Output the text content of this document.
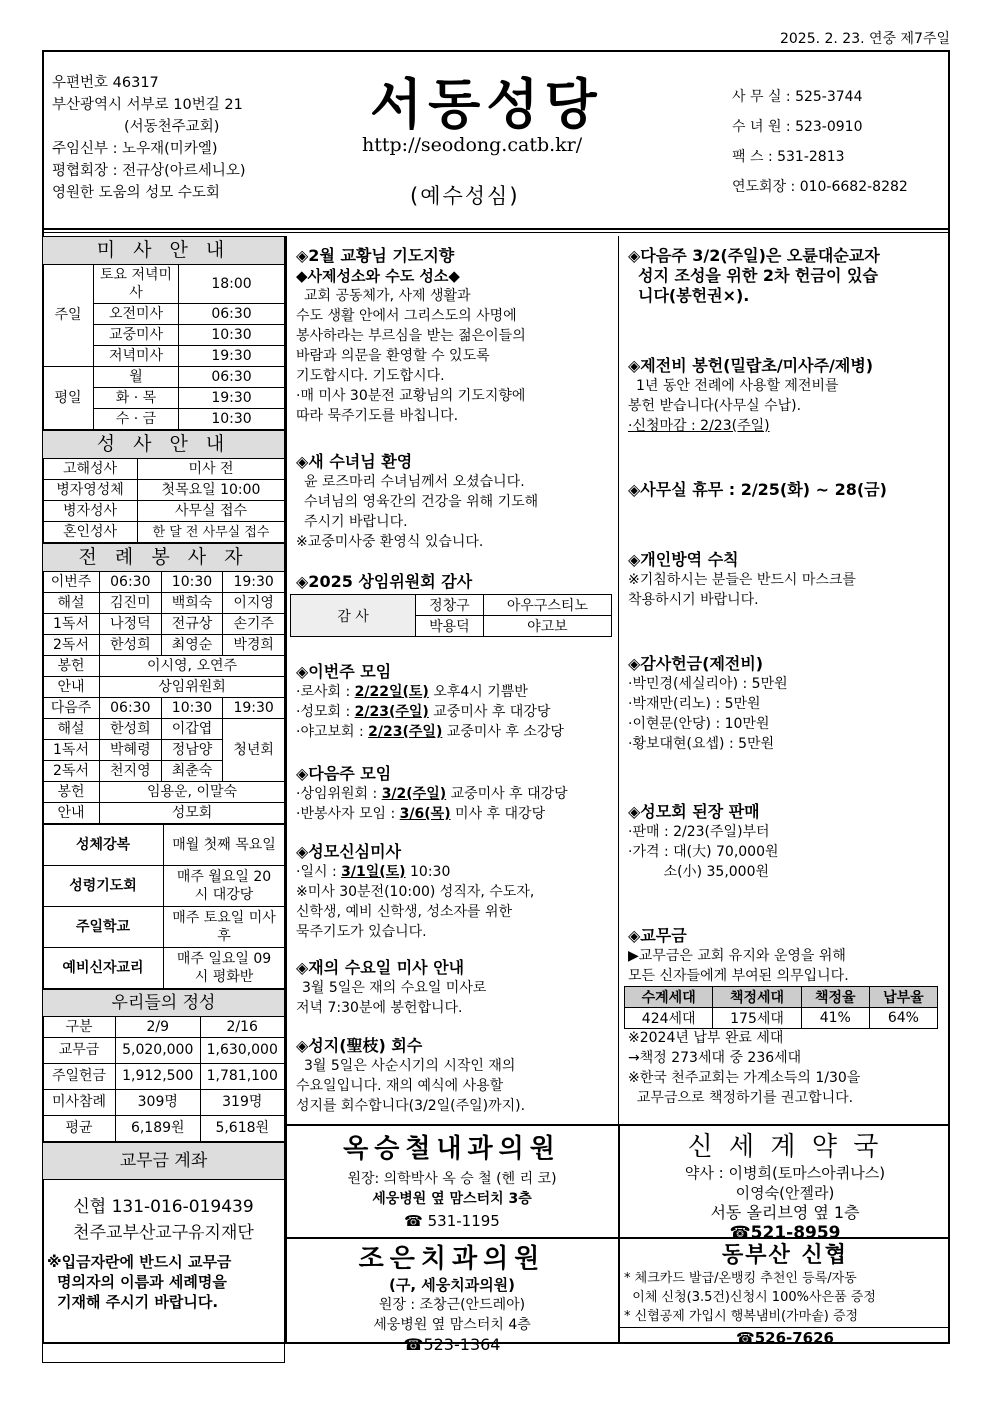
2025. 2. 23. 연중 제7주일
우편번호 46317
부산광역시 서부로 10번길 21
(서동천주교회)
주임신부 : 노우재(미카엘)
평협회장 : 전규상(아르세니오)
영원한 도움의 성모 수도회
서동성당
http://seodong.catb.kr/
(예수성심)
사 무 실 : 525-3744
수 녀 원 : 523-0910
팩 스 : 531-2813
연도회장 : 010-6682-8282
미 사 안 내		
주일	토요 저녁미사	18:00
	오전미사	06:30
	교중미사	10:30
	저녁미사	19:30
평일	월	06:30
	화 · 목	19:30
	수 · 금	10:30
성 사 안 내	
고해성사	미사 전
병자영성체	첫목요일 10:00
병자성사	사무실 접수
혼인성사	한 달 전 사무실 접수
전 례 봉 사 자			
이번주	06:30	10:30	19:30
해설	김진미	백희숙	이지영
1독서	나정덕	전규상	손기주
2독서	한성희	최영순	박경희
봉헌	이시영, 오연주		
안내	상임위원회		
다음주	06:30	10:30	19:30
해설	한성희	이갑엽	청년회
1독서	박혜령	정남양	
2독서	천지영	최춘숙	
봉헌	임용운, 이말숙		
안내	성모회		
성체강복	매월 첫째 목요일
성령기도회	매주 월요일 20시 대강당
주일학교	매주 토요일 미사 후
예비신자교리	매주 일요일 09시 평화반
우리들의 정성		
구분	2/9	2/16
교무금	5,020,000	1,630,000
주일헌금	1,912,500	1,781,100
미사참례	309명	319명
평균	6,189원	5,618원
교무금 계좌

신협 131-016-019439
천주교부산교구유지재단
※입금자란에 반드시 교무금
명의자의 이름과 세례명을
기재해 주시기 바랍니다.

◈2월 교황님 기도지향

◆사제성소와 수도 성소◆

교회 공동체가, 사제 생활과

수도 생활 안에서 그리스도의 사명에

봉사하라는 부르심을 받는 젊은이들의

바람과 의문을 환영할 수 있도록

기도합시다. 기도합시다.

·매 미사 30분전 교황님의 기도지향에

따라 묵주기도를 바칩니다.

◈새 수녀님 환영

윤 로즈마리 수녀님께서 오셨습니다.

수녀님의 영육간의 건강을 위해 기도해

주시기 바랍니다.

※교중미사중 환영식 있습니다.

◈2025 상임위원회 감사

감 사	정창구	아우구스티노
	박용덕	야고보

◈이번주 모임

·로사회 : 2/22일(토) 오후4시 기쁨반

·성모회 : 2/23(주일) 교중미사 후 대강당

·야고보회 : 2/23(주일) 교중미사 후 소강당

◈다음주 모임

·상임위원회 : 3/2(주일) 교중미사 후 대강당

·반봉사자 모임 : 3/6(목) 미사 후 대강당

◈성모신심미사

·일시 : 3/1일(토) 10:30

※미사 30분전(10:00) 성직자, 수도자,

신학생, 예비 신학생, 성소자를 위한

묵주기도가 있습니다.

◈재의 수요일 미사 안내

3월 5일은 재의 수요일 미사로

저녁 7:30분에 봉헌합니다.

◈성지(聖枝) 회수

3월 5일은 사순시기의 시작인 재의

수요일입니다. 재의 예식에 사용할

성지를 회수합니다(3/2일(주일)까지).

◈다음주 3/2(주일)은 오륜대순교자

성지 조성을 위한 2차 헌금이 있습

니다(봉헌권×).

◈제전비 봉헌(밀랍초/미사주/제병)

1년 동안 전례에 사용할 제전비를

봉헌 받습니다(사무실 수납).

·신청마감 : 2/23(주일)

◈사무실 휴무 : 2/25(화) ~ 28(금)

◈개인방역 수칙

※기침하시는 분들은 반드시 마스크를

착용하시기 바랍니다.

◈감사헌금(제전비)

·박민경(세실리아) : 5만원

·박재만(리노) : 5만원

·이현문(안당) : 10만원

·황보대현(요셉) : 5만원

◈성모회 된장 판매

·판매 : 2/23(주일)부터

·가격 : 대(大) 70,000원

소(小) 35,000원

◈교무금

▶교무금은 교회 유지와 운영을 위해

모든 신자들에게 부여된 의무입니다.

수계세대	책정세대	책정율	납부율
424세대	175세대	41%	64%

※2024년 납부 완료 세대

→책정 273세대 중 236세대

※한국 천주교회는 가계소득의 1/30을

교무금으로 책정하기를 권고합니다.

옥승철내과의원
원장: 의학박사 옥 승 철 (헨 리 코)
세웅병원 옆 맘스터치 3층
☎ 531-1195
신 세 계 약 국
약사 : 이병희(토마스아퀴나스)
이영숙(안젤라)
서동 올리브영 옆 1층
☎521-8959
조은치과의원
(구, 세웅치과의원)
원장 : 조창근(안드레아)
세웅병원 옆 맘스터치 4층
☎523-1364
동부산 신협
* 체크카드 발급/온뱅킹 추천인 등록/자동
이체 신청(3.5건)신청시 100%사은품 증정
* 신협공제 가입시 행복냄비(가마솥) 증정
☎526-7626
